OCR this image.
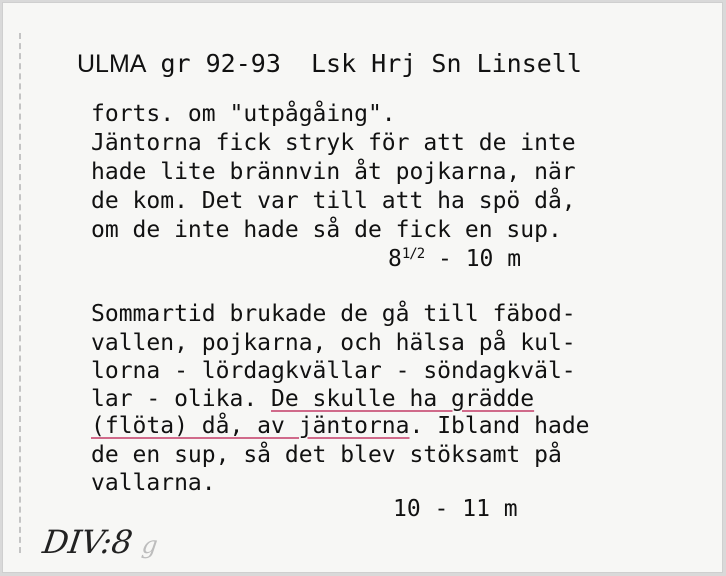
ULMA gr 92-93  Lsk Hrj Sn Linsell
forts. om "utpågåing".
Jäntorna fick stryk för att de inte
hade lite brännvin åt pojkarna, när
de kom. Det var till att ha spö då,
om de inte hade så de fick en sup.
$8^{1/2} - 10$ m
Sommartid brukade de gå till fäbod-
vallen, pojkarna, och hälsa på kul-
lorna - lördagkvällar - söndagkväl-
lar - olika. De skulle ha grädde
(flöta) då, av jäntorna. Ibland hade
de en sup, så det blev stöksamt på
vallarna.
10 - 11 m
DIV:8 g
